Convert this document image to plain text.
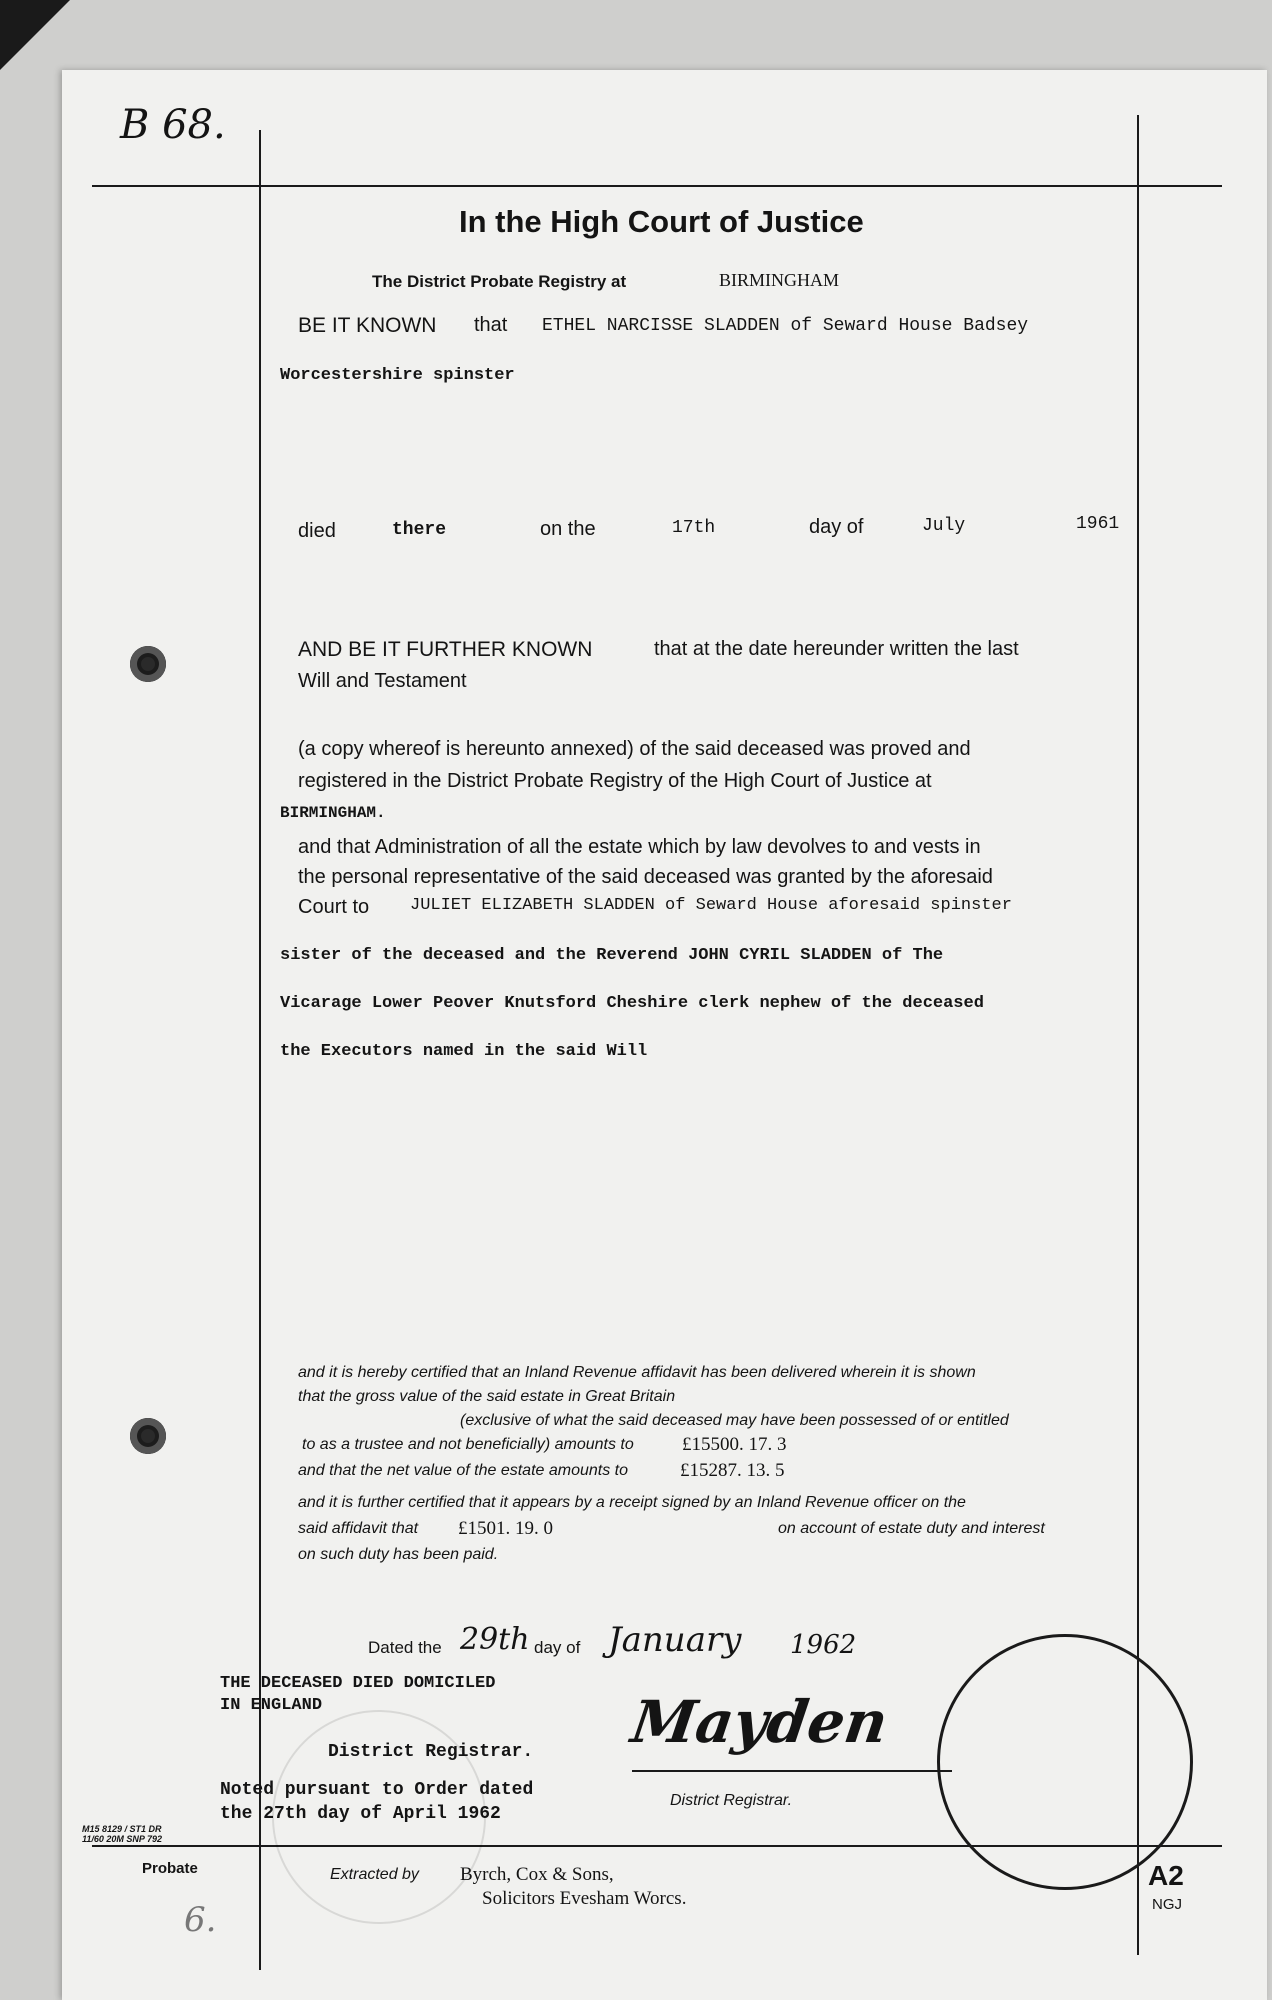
B 68.
In the High Court of Justice
The District Probate Registry at	BIRMINGHAM
BE IT KNOWN that ETHEL NARCISSE SLADDEN of Seward House Badsey
Worcestershire spinster
died	there	on the	17th	day of	July	1961
AND BE IT FURTHER KNOWN	that at the date hereunder written the last
Will and Testament
(a copy whereof is hereunto annexed) of the said deceased was proved and
registered in the District Probate Registry of the High Court of Justice at
BIRMINGHAM.
and that Administration of all the estate which by law devolves to and vests in
the personal representative of the said deceased was granted by the aforesaid
Court to JULIET ELIZABETH SLADDEN of Seward House aforesaid spinster
sister of the deceased and the Reverend JOHN CYRIL SLADDEN of The
Vicarage Lower Peover Knutsford Cheshire clerk nephew of the deceased
the Executors named in the said Will
and it is hereby certified that an Inland Revenue affidavit has been delivered wherein it is shown
that the gross value of the said estate in Great Britain
(exclusive of what the said deceased may have been possessed of or entitled
to as a trustee and not beneficially) amounts to	£15500. 17. 3
and that the net value of the estate amounts to	£15287. 13. 5
and it is further certified that it appears by a receipt signed by an Inland Revenue officer on the
said affidavit that £1501. 19. 0	on account of estate duty and interest
on such duty has been paid.
Dated the 29th day of January 1962
THE DECEASED DIED DOMICILED
IN ENGLAND
District Registrar. Mayden
Noted pursuant to Order dated
the 27th day of April 1962
District Registrar.
M15 8129 / ST1 DR
11/60 20M SNP 792
Probate	Extracted by Byrch, Cox & Sons,
Solicitors Evesham Worcs.
A2
NGJ
6.
